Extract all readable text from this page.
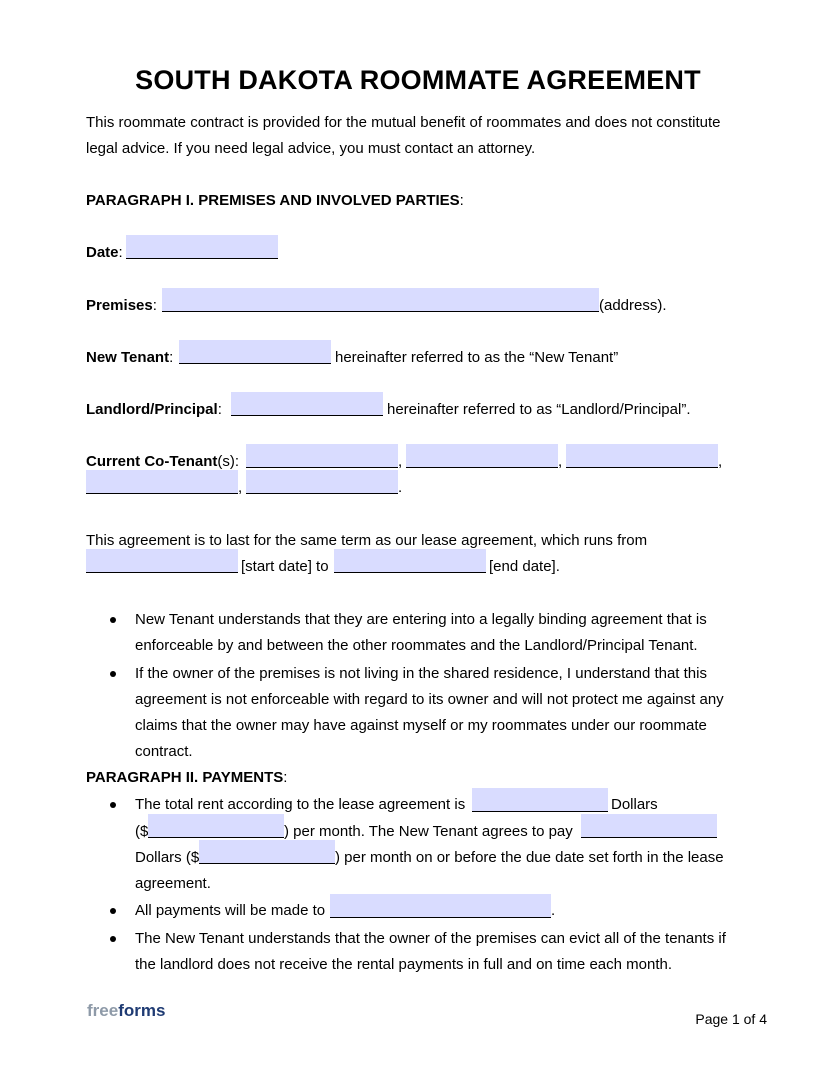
SOUTH DAKOTA ROOMMATE AGREEMENT
This roommate contract is provided for the mutual benefit of roommates and does not constitute
legal advice. If you need legal advice, you must contact an attorney.
PARAGRAPH I. PREMISES AND INVOLVED PARTIES:
Date:
Premises:	(address).
New Tenant:	hereinafter referred to as the “New Tenant”
Landlord/Principal:	hereinafter referred to as “Landlord/Principal”.
Current Co-Tenant(s):	,	,	,
,	.
This agreement is to last for the same term as our lease agreement, which runs from
[start date] to	[end date].
New Tenant understands that they are entering into a legally binding agreement that is
enforceable by and between the other roommates and the Landlord/Principal Tenant.
If the owner of the premises is not living in the shared residence, I understand that this
agreement is not enforceable with regard to its owner and will not protect me against any
claims that the owner may have against myself or my roommates under our roommate
contract.
PARAGRAPH II. PAYMENTS:
The total rent according to the lease agreement is	Dollars
($	) per month. The New Tenant agrees to pay
Dollars ($	) per month on or before the due date set forth in the lease
agreement.
All payments will be made to	.
The New Tenant understands that the owner of the premises can evict all of the tenants if
the landlord does not receive the rental payments in full and on time each month.
freeforms	Page 1 of 4
